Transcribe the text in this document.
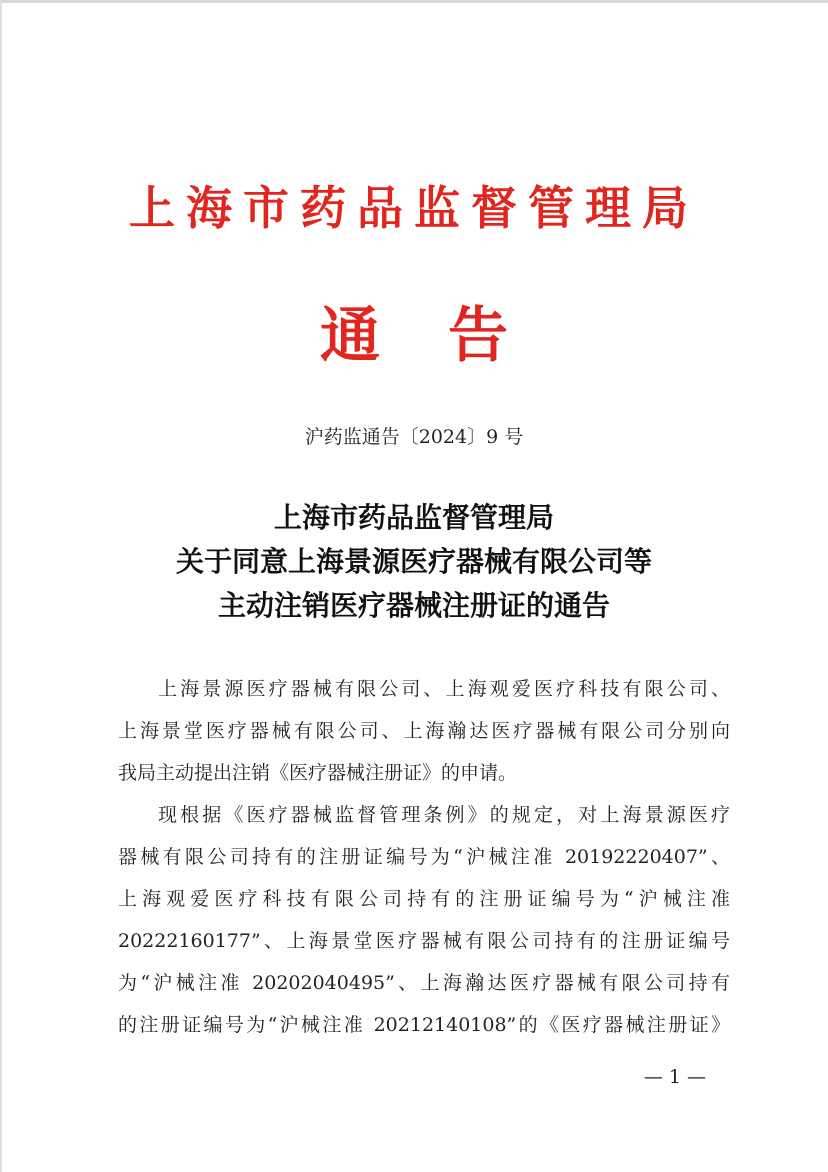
上海市药品监督管理局
通告
沪药监通告〔2024〕9 号
上海市药品监督管理局
关于同意上海景源医疗器械有限公司等
主动注销医疗器械注册证的通告
上海景源医疗器械有限公司、上海观爱医疗科技有限公司、
上海景堂医疗器械有限公司、上海瀚达医疗器械有限公司分别向
我局主动提出注销《医疗器械注册证》的申请。
现根据《医疗器械监督管理条例》的规定，对上海景源医疗
器械有限公司持有的注册证编号为“沪械注准 20192220407”、
上海观爱医疗科技有限公司持有的注册证编号为“沪械注准
20222160177”、上海景堂医疗器械有限公司持有的注册证编号
为“沪械注准 20202040495”、上海瀚达医疗器械有限公司持有
的注册证编号为“沪械注准 20212140108”的《医疗器械注册证》
— 1 —
